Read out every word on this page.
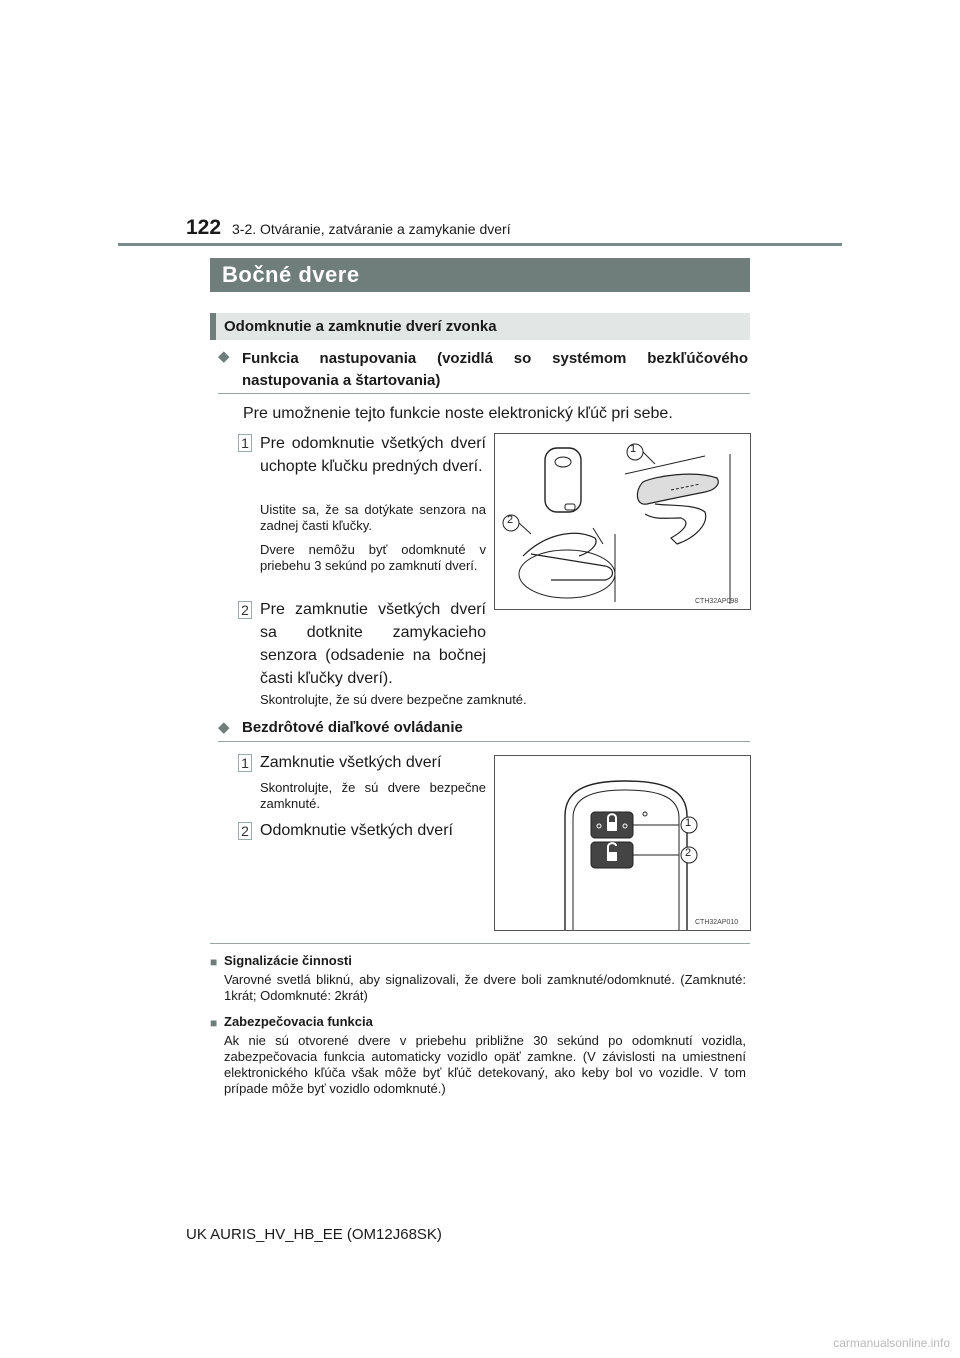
122 3-2. Otváranie, zatváranie a zamykanie dverí
Bočné dvere
Odomknutie a zamknutie dverí zvonka
◆ Funkcia nastupovania (vozidlá so systémom bezkľúčového nastupovania a štartovania)
Pre umožnenie tejto funkcie noste elektronický kľúč pri sebe.
1 Pre odomknutie všetkých dverí uchopte kľučku predných dverí.
Uistite sa, že sa dotýkate senzora na zadnej časti kľučky.
Dvere nemôžu byť odomknuté v priebehu 3 sekúnd po zamknutí dverí.
2 Pre zamknutie všetkých dverí sa dotknite zamykacieho senzora (odsadenie na bočnej časti kľučky dverí).
Skontrolujte, že sú dvere bezpečne zamknuté.
1
2
CTH32AP098
◆ Bezdrôtové diaľkové ovládanie
1 Zamknutie všetkých dverí
Skontrolujte, že sú dvere bezpečne zamknuté.
2 Odomknutie všetkých dverí	1
2
CTH32AP010
■ Signalizácie činnosti
Varovné svetlá bliknú, aby signalizovali, že dvere boli zamknuté/odomknuté. (Zamknuté: 1krát; Odomknuté: 2krát)
■ Zabezpečovacia funkcia
Ak nie sú otvorené dvere v priebehu približne 30 sekúnd po odomknutí vozidla, zabezpečovacia funkcia automaticky vozidlo opäť zamkne. (V závislosti na umiestnení elektronického kľúča však môže byť kľúč detekovaný, ako keby bol vo vozidle. V tom prípade môže byť vozidlo odomknuté.)
UK AURIS_HV_HB_EE (OM12J68SK)
carmanualsonline.info
